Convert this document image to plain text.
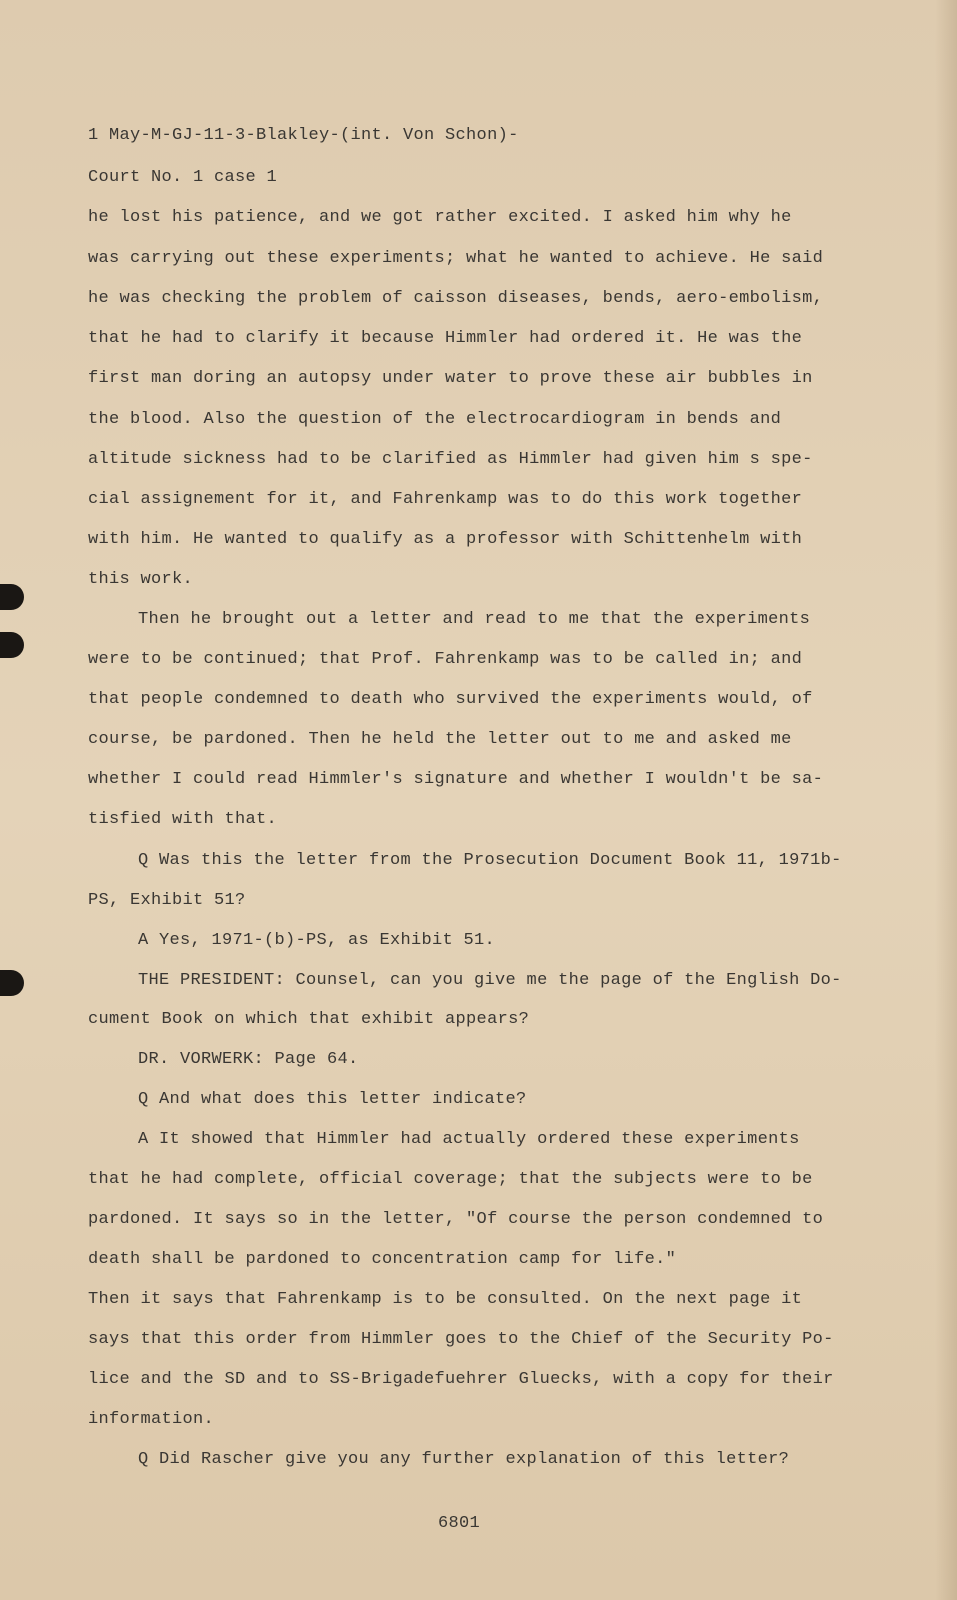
1 May-M-GJ-11-3-Blakley-(int. Von Schon)-
Court No. 1 case 1
he lost his patience, and we got rather excited. I asked him why he
was carrying out these experiments; what he wanted to achieve. He said
he was checking the problem of caisson diseases, bends, aero-embolism,
that he had to clarify it because Himmler had ordered it. He was the
first man doring an autopsy under water to prove these air bubbles in
the blood. Also the question of the electrocardiogram in bends and
altitude sickness had to be clarified as Himmler had given him s spe-
cial assignement for it, and Fahrenkamp was to do this work together
with him. He wanted to qualify as a professor with Schittenhelm with
this work.
Then he brought out a letter and read to me that the experiments
were to be continued; that Prof. Fahrenkamp was to be called in; and
that people condemned to death who survived the experiments would, of
course, be pardoned. Then he held the letter out to me and asked me
whether I could read Himmler's signature and whether I wouldn't be sa-
tisfied with that.
Q Was this the letter from the Prosecution Document Book 11, 1971b-
PS, Exhibit 51?
A Yes, 1971-(b)-PS, as Exhibit 51.
THE PRESIDENT: Counsel, can you give me the page of the English Do-
cument Book on which that exhibit appears?
DR. VORWERK: Page 64.
Q And what does this letter indicate?
A It showed that Himmler had actually ordered these experiments
that he had complete, official coverage; that the subjects were to be
pardoned. It says so in the letter, "Of course the person condemned to
death shall be pardoned to concentration camp for life."
Then it says that Fahrenkamp is to be consulted. On the next page it
says that this order from Himmler goes to the Chief of the Security Po-
lice and the SD and to SS-Brigadefuehrer Gluecks, with a copy for their
information.
Q Did Rascher give you any further explanation of this letter?
6801
